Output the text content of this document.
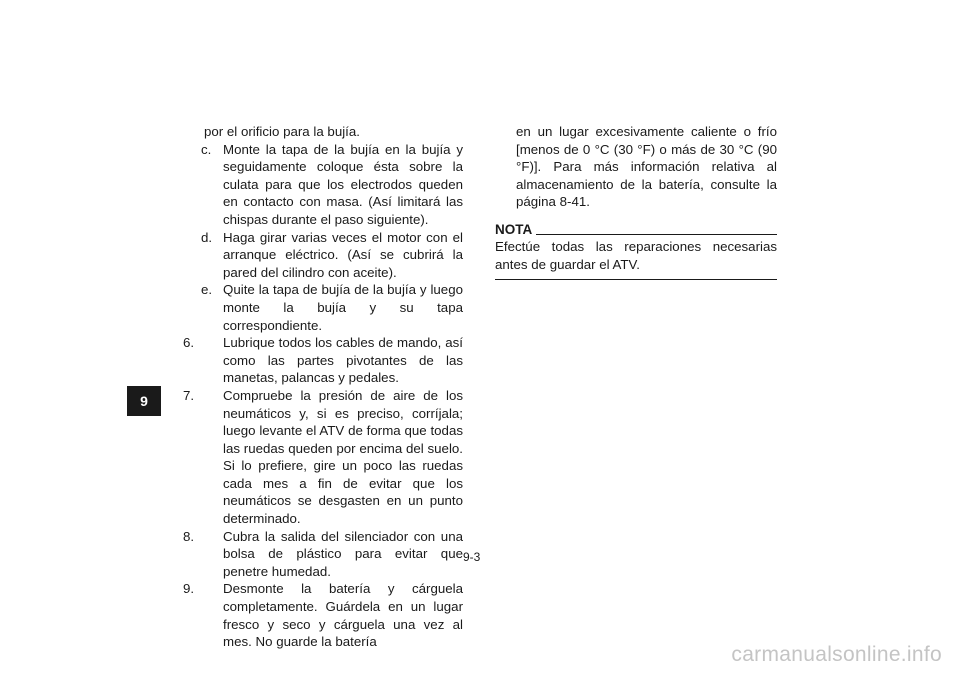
9
por el orificio para la bujía.
c. Monte la tapa de la bujía en la bujía y seguidamente coloque ésta sobre la culata para que los electrodos queden en contacto con masa. (Así limitará las chispas durante el paso siguiente).
d. Haga girar varias veces el motor con el arranque eléctrico. (Así se cubrirá la pared del cilindro con aceite).
e. Quite la tapa de bujía de la bujía y luego monte la bujía y su tapa correspondiente.
6. Lubrique todos los cables de mando, así como las partes pivotantes de las manetas, palancas y pedales.
7. Compruebe la presión de aire de los neumáticos y, si es preciso, corríjala; luego levante el ATV de forma que todas las ruedas queden por encima del suelo. Si lo prefiere, gire un poco las ruedas cada mes a fin de evitar que los neumáticos se desgasten en un punto determinado.
8. Cubra la salida del silenciador con una bolsa de plástico para evitar que penetre humedad.
9. Desmonte la batería y cárguela completamente. Guárdela en un lugar fresco y seco y cárguela una vez al mes. No guarde la batería
en un lugar excesivamente caliente o frío [menos de 0 °C (30 °F) o más de 30 °C (90 °F)]. Para más información relativa al almacenamiento de la batería, consulte la página 8-41.
NOTA
Efectúe todas las reparaciones necesarias antes de guardar el ATV.
9-3
carmanualsonline.info
